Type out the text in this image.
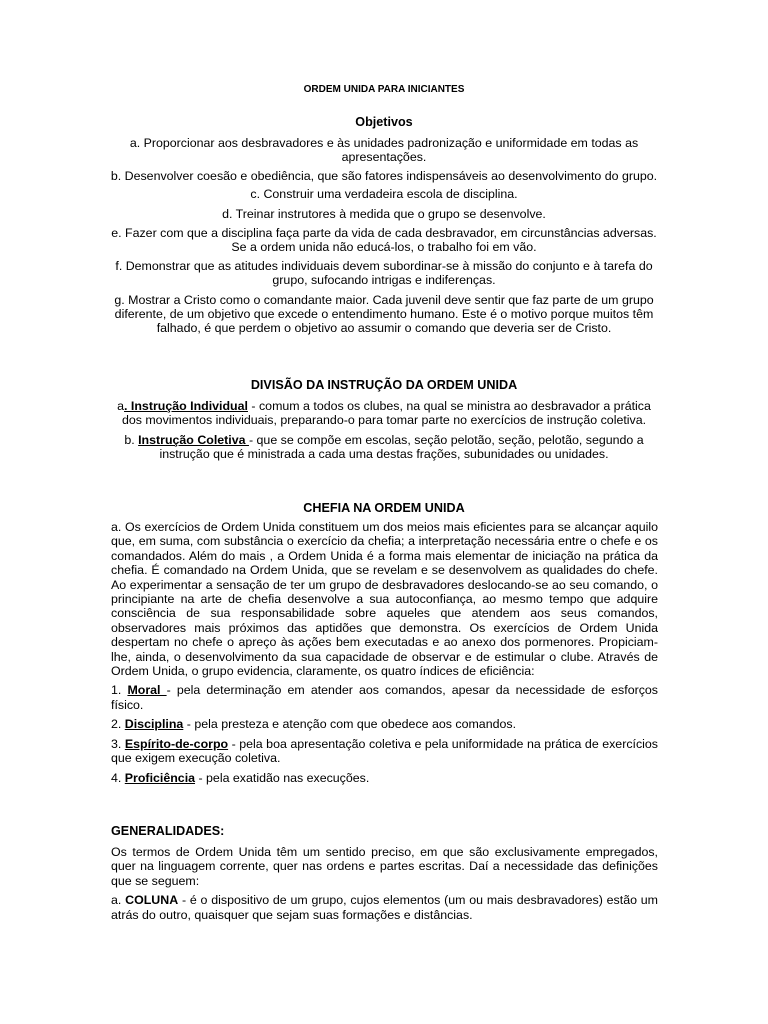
ORDEM UNIDA PARA INICIANTES
Objetivos

a. Proporcionar aos desbravadores e às unidades padronização e uniformidade em todas as apresentações.

b. Desenvolver coesão e obediência, que são fatores indispensáveis ao desenvolvimento do grupo.

c. Construir uma verdadeira escola de disciplina.

d. Treinar instrutores à medida que o grupo se desenvolve.

e. Fazer com que a disciplina faça parte da vida de cada desbravador, em circunstâncias adversas. Se a ordem unida não educá-los, o trabalho foi em vão.

f. Demonstrar que as atitudes individuais devem subordinar-se à missão do conjunto e à tarefa do grupo, sufocando intrigas e indiferenças.

g. Mostrar a Cristo como o comandante maior. Cada juvenil deve sentir que faz parte de um grupo diferente, de um objetivo que excede o entendimento humano. Este é o motivo porque muitos têm falhado, é que perdem o objetivo ao assumir o comando que deveria ser de Cristo.

DIVISÃO DA INSTRUÇÃO DA ORDEM UNIDA

a. Instrução Individual - comum a todos os clubes, na qual se ministra ao desbravador a prática dos movimentos individuais, preparando-o para tomar parte no exercícios de instrução coletiva.

b. Instrução Coletiva - que se compõe em escolas, seção pelotão, seção, pelotão, segundo a instrução que é ministrada a cada uma destas frações, subunidades ou unidades.

CHEFIA NA ORDEM UNIDA

a. Os exercícios de Ordem Unida constituem um dos meios mais eficientes para se alcançar aquilo que, em suma, com substância o exercício da chefia; a interpretação necessária entre o chefe e os comandados. Além do mais , a Ordem Unida é a forma mais elementar de iniciação na prática da chefia. É comandado na Ordem Unida, que se revelam e se desenvolvem as qualidades do chefe. Ao experimentar a sensação de ter um grupo de desbravadores deslocando-se ao seu comando, o principiante na arte de chefia desenvolve a sua autoconfiança, ao mesmo tempo que adquire consciência de sua responsabilidade sobre aqueles que atendem aos seus comandos, observadores mais próximos das aptidões que demonstra. Os exercícios de Ordem Unida despertam no chefe o apreço às ações bem executadas e ao anexo dos pormenores. Propiciam-lhe, ainda, o desenvolvimento da sua capacidade de observar e de estimular o clube. Através de Ordem Unida, o grupo evidencia, claramente, os quatro índices de eficiência:

1. Moral - pela determinação em atender aos comandos, apesar da necessidade de esforços físico.

2. Disciplina - pela presteza e atenção com que obedece aos comandos.

3. Espírito-de-corpo - pela boa apresentação coletiva e pela uniformidade na prática de exercícios que exigem execução coletiva.

4. Proficiência - pela exatidão nas execuções.

GENERALIDADES:

Os termos de Ordem Unida têm um sentido preciso, em que são exclusivamente empregados, quer na linguagem corrente, quer nas ordens e partes escritas. Daí a necessidade das definições que se seguem:

a. COLUNA - é o dispositivo de um grupo, cujos elementos (um ou mais desbravadores) estão um atrás do outro, quaisquer que sejam suas formações e distâncias.
